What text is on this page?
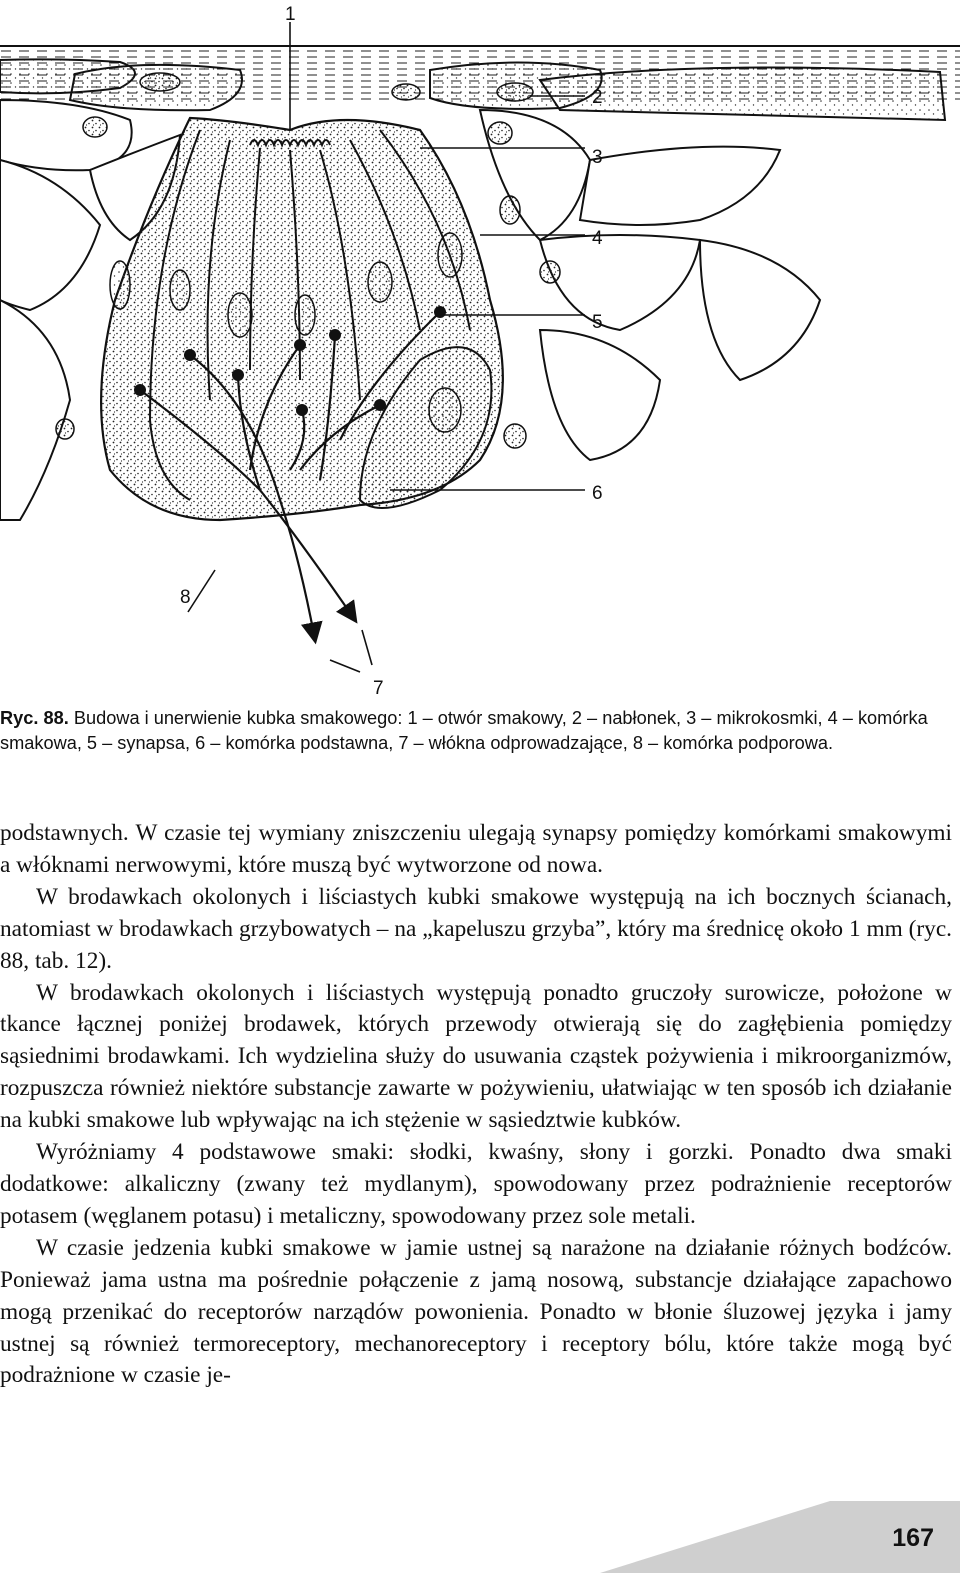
1
2
3
4
5
6
7
8
Ryc. 88. Budowa i unerwienie kubka smakowego: 1 – otwór smakowy, 2 – nabłonek, 3 – mikrokosmki, 4 – komórka smakowa, 5 – synapsa, 6 – komórka podstawna, 7 – włókna odprowadzające, 8 – komórka podporowa.

podstawnych. W czasie tej wymiany zniszczeniu ulegają synapsy pomiędzy komórkami smakowymi a włóknami nerwowymi, które muszą być wytworzone od nowa.

W brodawkach okolonych i liściastych kubki smakowe występują na ich bocznych ścianach, natomiast w brodawkach grzybowatych – na „kapeluszu grzyba”, który ma średnicę około 1 mm (ryc. 88, tab. 12).

W brodawkach okolonych i liściastych występują ponadto gruczoły surowicze, położone w tkance łącznej poniżej brodawek, których przewody otwierają się do zagłębienia pomiędzy sąsiednimi brodawkami. Ich wydzielina służy do usuwania cząstek pożywienia i mikroorganizmów, rozpuszcza również niektóre substancje zawarte w pożywieniu, ułatwiając w ten sposób ich działanie na kubki smakowe lub wpływając na ich stężenie w sąsiedztwie kubków.

Wyróżniamy 4 podstawowe smaki: słodki, kwaśny, słony i gorzki. Ponadto dwa smaki dodatkowe: alkaliczny (zwany też mydlanym), spowodowany przez podrażnienie receptorów potasem (węglanem potasu) i metaliczny, spowodowany przez sole metali.

W czasie jedzenia kubki smakowe w jamie ustnej są narażone na działanie różnych bodźców. Ponieważ jama ustna ma pośrednie połączenie z jamą nosową, substancje działające zapachowo mogą przenikać do receptorów narządów powonienia. Ponadto w błonie śluzowej języka i jamy ustnej są również termoreceptory, mechanoreceptory i receptory bólu, które także mogą być podrażnione w czasie je-

167
